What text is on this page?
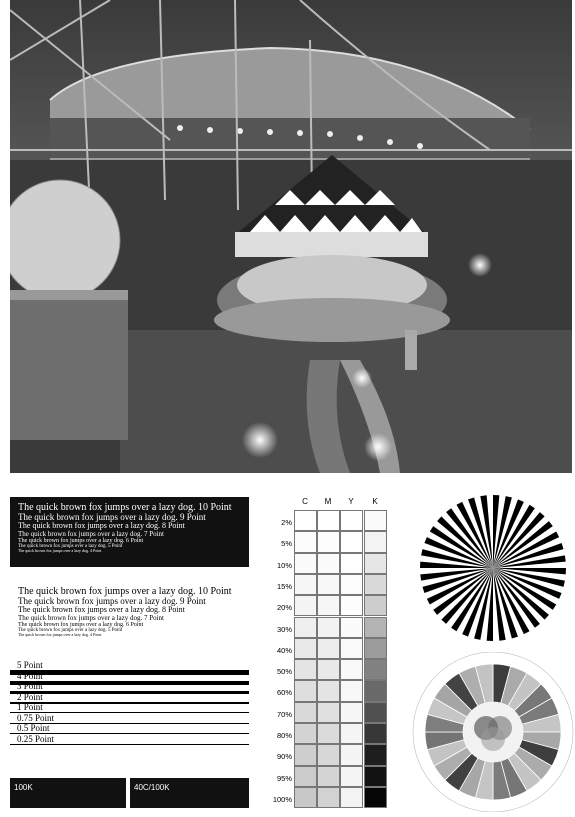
The quick brown fox jumps over a lazy dog. 10 Point
The quick brown fox jumps over a lazy dog. 9 Point
The quick brown fox jumps over a lazy dog. 8 Point
The quick brown fox jumps over a lazy dog. 7 Point
The quick brown fox jumps over a lazy dog. 6 Point
The quick brown fox jumps over a lazy dog. 5 Point
The quick brown fox jumps over a lazy dog. 4 Point
The quick brown fox jumps over a lazy dog. 10 Point
The quick brown fox jumps over a lazy dog. 9 Point
The quick brown fox jumps over a lazy dog. 8 Point
The quick brown fox jumps over a lazy dog. 7 Point
The quick brown fox jumps over a lazy dog. 6 Point
The quick brown fox jumps over a lazy dog. 5 Point
The quick brown fox jumps over a lazy dog. 4 Point
5 Point
4 Point
3 Point
2 Point
1 Point
0.75 Point
0.5 Point
0.25 Point
100K	40C/100K
C	M	Y	K
2%
5%
10%
15%
20%
30%
40%
50%
60%
70%
80%
90%
95%
100%
